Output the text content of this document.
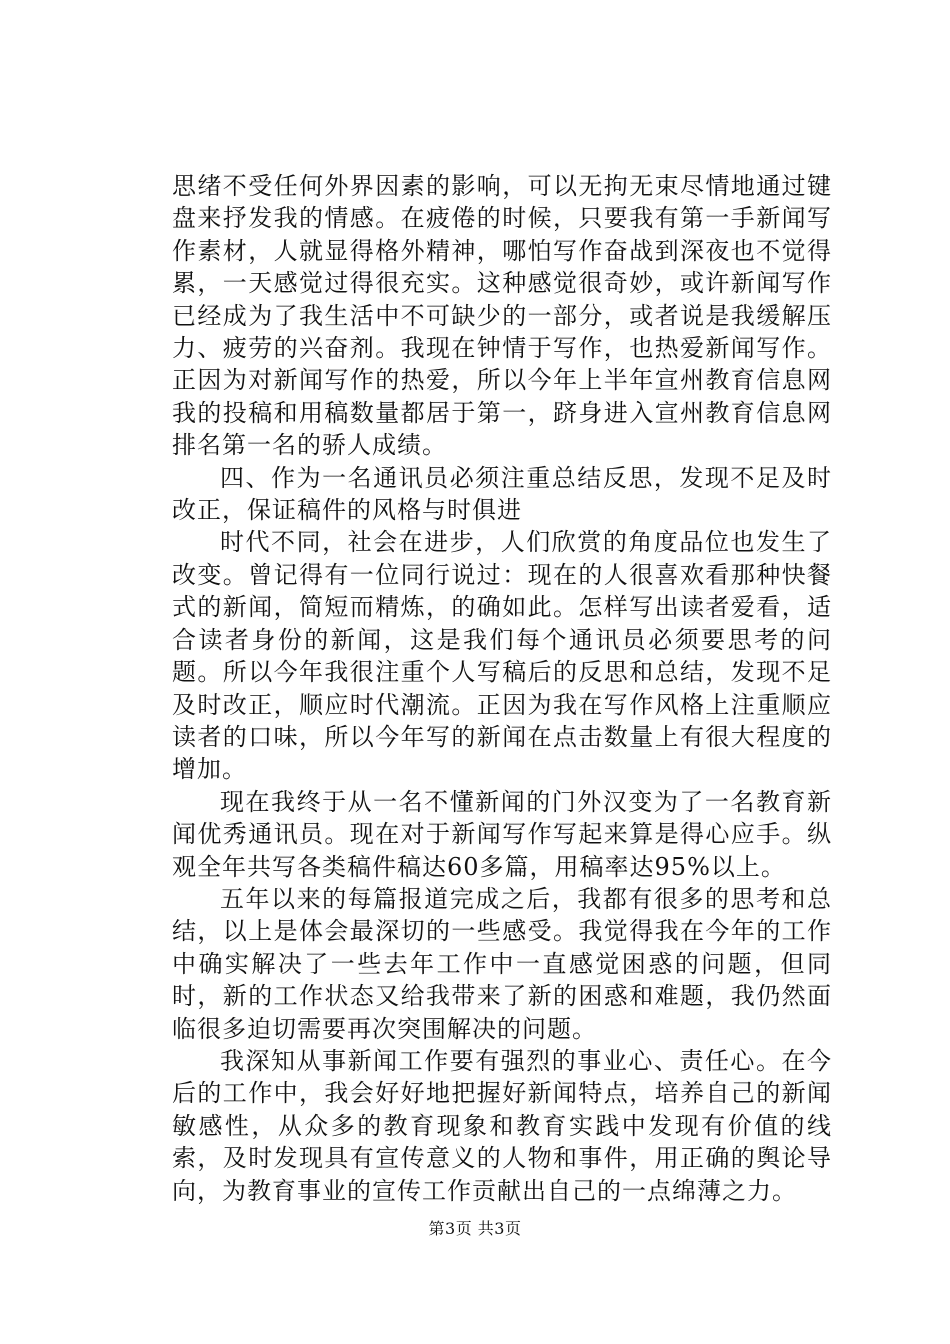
思绪不受任何外界因素的影响，可以无拘无束尽情地通过键盘来抒发我的情感。在疲倦的时候，只要我有第一手新闻写作素材，人就显得格外精神，哪怕写作奋战到深夜也不觉得累，一天感觉过得很充实。这种感觉很奇妙，或许新闻写作已经成为了我生活中不可缺少的一部分，或者说是我缓解压力、疲劳的兴奋剂。我现在钟情于写作，也热爱新闻写作。正因为对新闻写作的热爱，所以今年上半年宣州教育信息网我的投稿和用稿数量都居于第一，跻身进入宣州教育信息网排名第一名的骄人成绩。

四、作为一名通讯员必须注重总结反思，发现不足及时改正，保证稿件的风格与时俱进

时代不同，社会在进步，人们欣赏的角度品位也发生了改变。曾记得有一位同行说过：现在的人很喜欢看那种快餐式的新闻，简短而精炼，的确如此。怎样写出读者爱看，适合读者身份的新闻，这是我们每个通讯员必须要思考的问题。所以今年我很注重个人写稿后的反思和总结，发现不足及时改正，顺应时代潮流。正因为我在写作风格上注重顺应读者的口味，所以今年写的新闻在点击数量上有很大程度的增加。

现在我终于从一名不懂新闻的门外汉变为了一名教育新闻优秀通讯员。现在对于新闻写作写起来算是得心应手。纵观全年共写各类稿件稿达60多篇，用稿率达95%以上。

五年以来的每篇报道完成之后，我都有很多的思考和总结，以上是体会最深切的一些感受。我觉得我在今年的工作中确实解决了一些去年工作中一直感觉困惑的问题，但同时，新的工作状态又给我带来了新的困惑和难题，我仍然面临很多迫切需要再次突围解决的问题。

我深知从事新闻工作要有强烈的事业心、责任心。在今后的工作中，我会好好地把握好新闻特点，培养自己的新闻敏感性，从众多的教育现象和教育实践中发现有价值的线索，及时发现具有宣传意义的人物和事件，用正确的舆论导向，为教育事业的宣传工作贡献出自己的一点绵薄之力。

第3页 共3页
